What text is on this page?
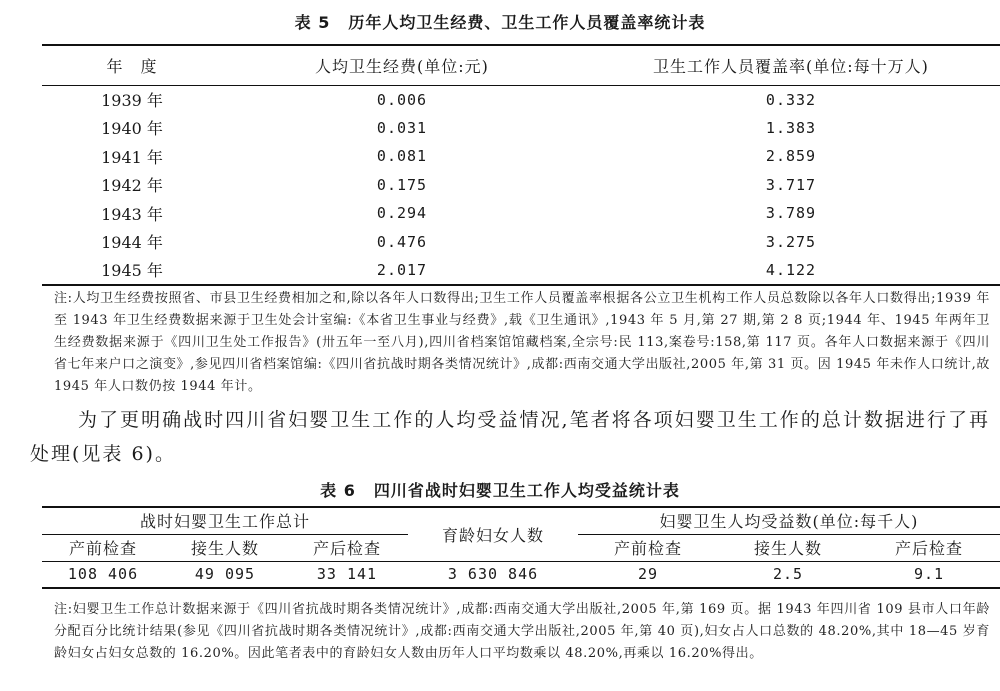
表 5 历年人均卫生经费、卫生工作人员覆盖率统计表
年　度	人均卫生经费(单位:元)	卫生工作人员覆盖率(单位:每十万人)
1939 年	0.006	0.332
1940 年	0.031	1.383
1941 年	0.081	2.859
1942 年	0.175	3.717
1943 年	0.294	3.789
1944 年	0.476	3.275
1945 年	2.017	4.122
注:人均卫生经费按照省、市县卫生经费相加之和,除以各年人口数得出;卫生工作人员覆盖率根据各公立卫生机构工作人员总数除以各年人口数得出;1939 年至 1943 年卫生经费数据来源于卫生处会计室编:《本省卫生事业与经费》,载《卫生通讯》,1943 年 5 月,第 27 期,第 2 8 页;1944 年、1945 年两年卫生经费数据来源于《四川卫生处工作报告》(卅五年一至八月),四川省档案馆馆藏档案,全宗号:民 113,案卷号:158,第 117 页。各年人口数据来源于《四川省七年来户口之演变》,参见四川省档案馆编:《四川省抗战时期各类情况统计》,成都:西南交通大学出版社,2005 年,第 31 页。因 1945 年未作人口统计,故 1945 年人口数仍按 1944 年计。
为了更明确战时四川省妇婴卫生工作的人均受益情况,笔者将各项妇婴卫生工作的总计数据进行了再处理(见表 6)。
表 6 四川省战时妇婴卫生工作人均受益统计表
战时妇婴卫生工作总计			育龄妇女人数	妇婴卫生人均受益数(单位:每千人)		
产前检查	接生人数	产后检查		产前检查	接生人数	产后检查
108 406	49 095	33 141	3 630 846	29	2.5	9.1
注:妇婴卫生工作总计数据来源于《四川省抗战时期各类情况统计》,成都:西南交通大学出版社,2005 年,第 169 页。据 1943 年四川省 109 县市人口年龄分配百分比统计结果(参见《四川省抗战时期各类情况统计》,成都:西南交通大学出版社,2005 年,第 40 页),妇女占人口总数的 48.20%,其中 18—45 岁育龄妇女占妇女总数的 16.20%。因此笔者表中的育龄妇女人数由历年人口平均数乘以 48.20%,再乘以 16.20%得出。
